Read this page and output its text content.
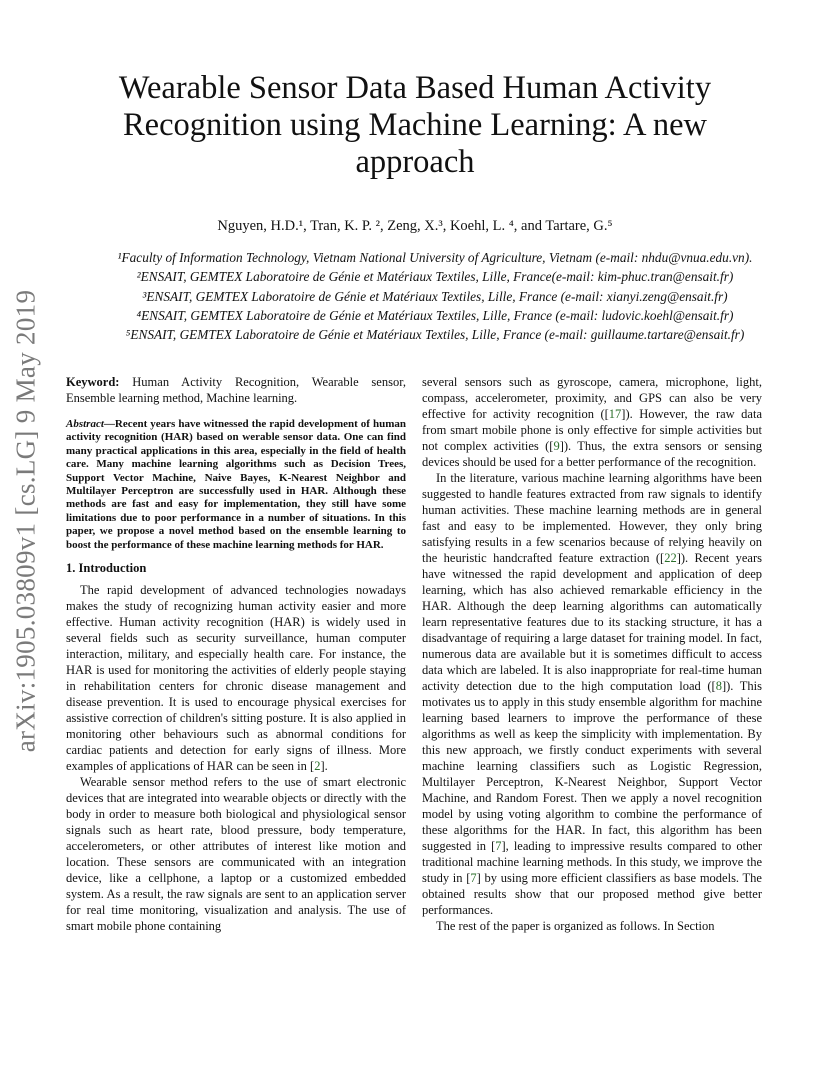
arXiv:1905.03809v1 [cs.LG] 9 May 2019
Wearable Sensor Data Based Human Activity Recognition using Machine Learning: A new approach
Nguyen, H.D.¹, Tran, K. P. ², Zeng, X.³, Koehl, L. ⁴, and Tartare, G.⁵
¹Faculty of Information Technology, Vietnam National University of Agriculture, Vietnam (e-mail: nhdu@vnua.edu.vn).
²ENSAIT, GEMTEX Laboratoire de Génie et Matériaux Textiles, Lille, France(e-mail: kim-phuc.tran@ensait.fr)
³ENSAIT, GEMTEX Laboratoire de Génie et Matériaux Textiles, Lille, France (e-mail: xianyi.zeng@ensait.fr)
⁴ENSAIT, GEMTEX Laboratoire de Génie et Matériaux Textiles, Lille, France (e-mail: ludovic.koehl@ensait.fr)
⁵ENSAIT, GEMTEX Laboratoire de Génie et Matériaux Textiles, Lille, France (e-mail: guillaume.tartare@ensait.fr)

Keyword: Human Activity Recognition, Wearable sensor, Ensemble learning method, Machine learning.

Abstract—Recent years have witnessed the rapid development of human activity recognition (HAR) based on werable sensor data. One can find many practical applications in this area, especially in the field of health care. Many machine learning algorithms such as Decision Trees, Support Vector Machine, Naive Bayes, K-Nearest Neighbor and Multilayer Perceptron are successfully used in HAR. Although these methods are fast and easy for implementation, they still have some limitations due to poor performance in a number of situations. In this paper, we propose a novel method based on the ensemble learning to boost the performance of these machine learning methods for HAR.

1. Introduction

The rapid development of advanced technologies nowadays makes the study of recognizing human activity easier and more effective. Human activity recognition (HAR) is widely used in several fields such as security surveillance, human computer interaction, military, and especially health care. For instance, the HAR is used for monitoring the activities of elderly people staying in rehabilitation centers for chronic disease management and disease prevention. It is used to encourage physical exercises for assistive correction of children's sitting posture. It is also applied in monitoring other behaviours such as abnormal conditions for cardiac patients and detection for early signs of illness. More examples of applications of HAR can be seen in [2].

Wearable sensor method refers to the use of smart electronic devices that are integrated into wearable objects or directly with the body in order to measure both biological and physiological sensor signals such as heart rate, blood pressure, body temperature, accelerometers, or other attributes of interest like motion and location. These sensors are communicated with an integration device, like a cellphone, a laptop or a customized embedded system. As a result, the raw signals are sent to an application server for real time monitoring, visualization and analysis. The use of smart mobile phone containing

several sensors such as gyroscope, camera, microphone, light, compass, accelerometer, proximity, and GPS can also be very effective for activity recognition ([17]). However, the raw data from smart mobile phone is only effective for simple activities but not complex activities ([9]). Thus, the extra sensors or sensing devices should be used for a better performance of the recognition.

In the literature, various machine learning algorithms have been suggested to handle features extracted from raw signals to identify human activities. These machine learning methods are in general fast and easy to be implemented. However, they only bring satisfying results in a few scenarios because of relying heavily on the heuristic handcrafted feature extraction ([22]). Recent years have witnessed the rapid development and application of deep learning, which has also achieved remarkable efficiency in the HAR. Although the deep learning algorithms can automatically learn representative features due to its stacking structure, it has a disadvantage of requiring a large dataset for training model. In fact, numerous data are available but it is sometimes difficult to access data which are labeled. It is also inappropriate for real-time human activity detection due to the high computation load ([8]). This motivates us to apply in this study ensemble algorithm for machine learning based learners to improve the performance of these algorithms as well as keep the simplicity with implementation. By this new approach, we firstly conduct experiments with several machine learning classifiers such as Logistic Regression, Multilayer Perceptron, K-Nearest Neighbor, Support Vector Machine, and Random Forest. Then we apply a novel recognition model by using voting algorithm to combine the performance of these algorithms for the HAR. In fact, this algorithm has been suggested in [7], leading to impressive results compared to other traditional machine learning methods. In this study, we improve the study in [7] by using more efficient classifiers as base models. The obtained results show that our proposed method give better performances.

The rest of the paper is organized as follows. In Section
